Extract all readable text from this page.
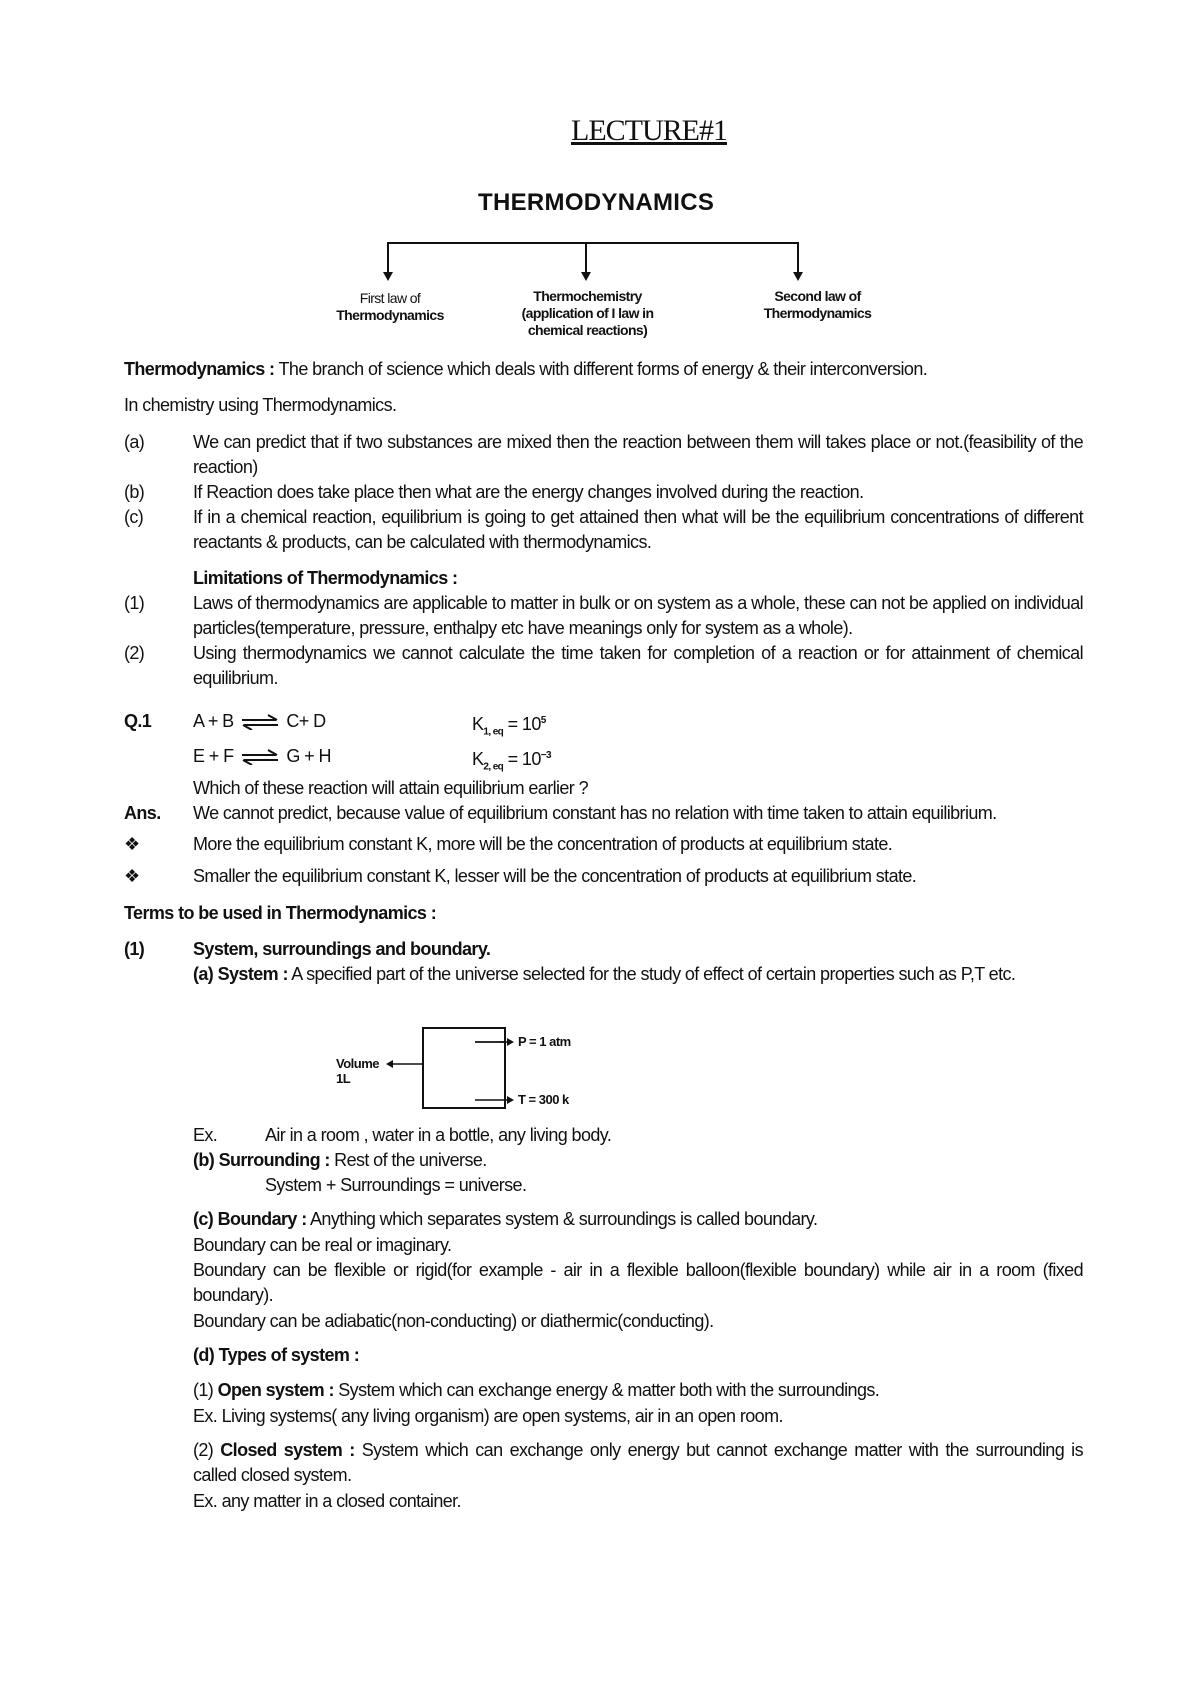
LECTURE#1
THERMODYNAMICS
First law of
Thermodynamics
Thermochemistry
(application of I law in
chemical reactions)
Second law of
Thermodynamics
Thermodynamics : The branch of science which deals with different forms of energy & their interconversion.
In chemistry using Thermodynamics.
(a)	We can predict that if two substances are mixed then the reaction between them will takes place or not.(feasibility of the reaction)
(b)	If Reaction does take place then what are the energy changes involved during the reaction.
(c)	If in a chemical reaction, equilibrium is going to get attained then what will be the equilibrium concentrations of different reactants & products, can be calculated with thermodynamics.
Limitations of Thermodynamics :
(1)	Laws of thermodynamics are applicable to matter in bulk or on system as a whole, these can not be applied on individual particles(temperature, pressure, enthalpy etc have meanings only for system as a whole).
(2)	Using thermodynamics we cannot calculate the time taken for completion of a reaction or for attainment of chemical equilibrium.
Q.1 A + B ⇌ C+ D	$K_{1, eq} = 10^5$
E + F ⇌ G + H	$K_{2, eq} = 10^{-3}$
Which of these reaction will attain equilibrium earlier ?
Ans. We cannot predict, because value of equilibrium constant has no relation with time taken to attain equilibrium.
❖	More the equilibrium constant K, more will be the concentration of products at equilibrium state.
❖	Smaller the equilibrium constant K, lesser will be the concentration of products at equilibrium state.
Terms to be used in Thermodynamics :
(1)	System, surroundings and boundary.
(a) System : A specified part of the universe selected for the study of effect of certain properties such as P,T etc.
Volume
1L
P = 1 atm
T = 300 k
Ex.	Air in a room , water in a bottle, any living body.
(b) Surrounding : Rest of the universe.
System + Surroundings = universe.
(c) Boundary : Anything which separates system & surroundings is called boundary.
Boundary can be real or imaginary.
Boundary can be flexible or rigid(for example - air in a flexible balloon(flexible boundary) while air in a room (fixed boundary).
Boundary can be adiabatic(non-conducting) or diathermic(conducting).
(d) Types of system :
(1) Open system : System which can exchange energy & matter both with the surroundings.
Ex. Living systems( any living organism) are open systems, air in an open room.
(2) Closed system : System which can exchange only energy but cannot exchange matter with the surrounding is called closed system.
Ex. any matter in a closed container.
